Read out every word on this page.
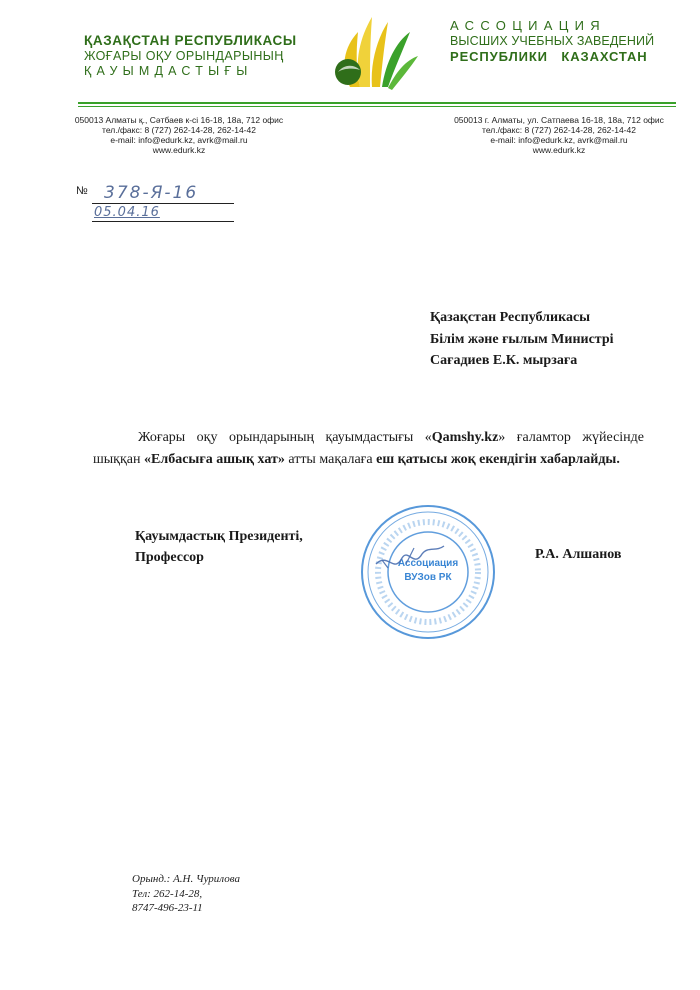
ҚАЗАҚСТАН РЕСПУБЛИКАСЫ
ЖОҒАРЫ ОҚУ ОРЫНДАРЫНЫҢ
ҚАУЫМДАСТЫҒЫ
АССОЦИАЦИЯ
ВЫСШИХ УЧЕБНЫХ ЗАВЕДЕНИЙ
РЕСПУБЛИКИ КАЗАХСТАН
050013 Алматы қ., Сәтбаев к-сі 16-18, 18а, 712 офис
тел./факс: 8 (727) 262-14-28, 262-14-42
e-mail: info@edurk.kz, avrk@mail.ru
www.edurk.kz
050013 г. Алматы, ул. Сатпаева 16-18, 18а, 712 офис
тел./факс: 8 (727) 262-14-28, 262-14-42
e-mail: info@edurk.kz, avrk@mail.ru
www.edurk.kz
№ 378-Я-16
05.04.16
Қазақстан Республикасы
Білім және ғылым Министрі
Сағадиев Е.К. мырзаға
Жоғары оқу орындарының қауымдастығы «Qamshy.kz» ғаламтор жүйесінде шыққан «Елбасыға ашық хат» атты мақалаға еш қатысы жоқ екендігін хабарлайды.
Ассоциация
ВУЗов РК
Қауымдастық Президенті,
Профессор	Р.А. Алшанов
Орынд.: А.Н. Чурилова
Тел: 262-14-28,
8747-496-23-11
